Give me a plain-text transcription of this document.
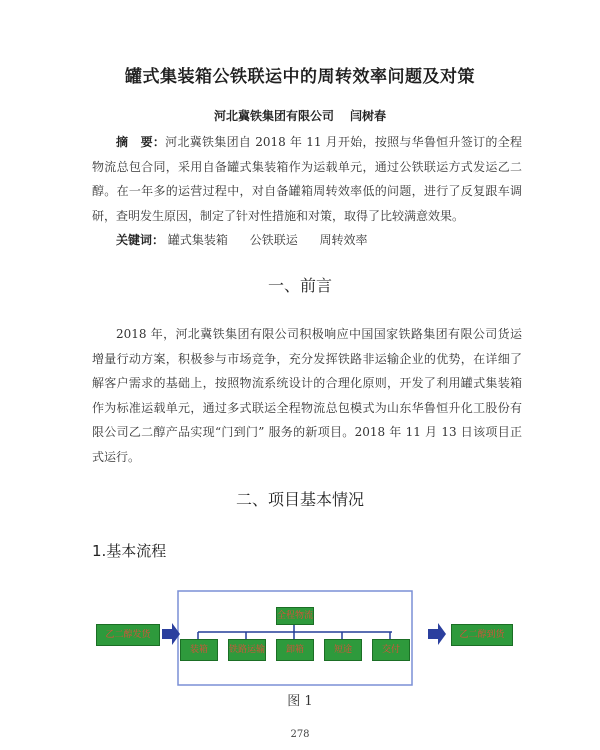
罐式集装箱公铁联运中的周转效率问题及对策
河北冀铁集团有限公司 闫树春
摘　要：河北冀铁集团自 2018 年 11 月开始，按照与华鲁恒升签订的全程物流总包合同，采用自备罐式集装箱作为运载单元，通过公铁联运方式发运乙二醇。在一年多的运营过程中，对自备罐箱周转效率低的问题，进行了反复跟车调研，查明发生原因，制定了针对性措施和对策，取得了比较满意效果。
关键词： 罐式集装箱 公铁联运 周转效率
一、前言
2018 年，河北冀铁集团有限公司积极响应中国国家铁路集团有限公司货运增量行动方案，积极参与市场竞争，充分发挥铁路非运输企业的优势，在详细了解客户需求的基础上，按照物流系统设计的合理化原则，开发了利用罐式集装箱作为标准运载单元，通过多式联运全程物流总包模式为山东华鲁恒升化工股份有限公司乙二醇产品实现“门到门” 服务的新项目。2018 年 11 月 13 日该项目正式运行。
二、项目基本情况
1.基本流程
乙二醇发货	乙二醇到货
全程物流
装箱	铁路运输	卸箱	短途	交付
图 1
278
